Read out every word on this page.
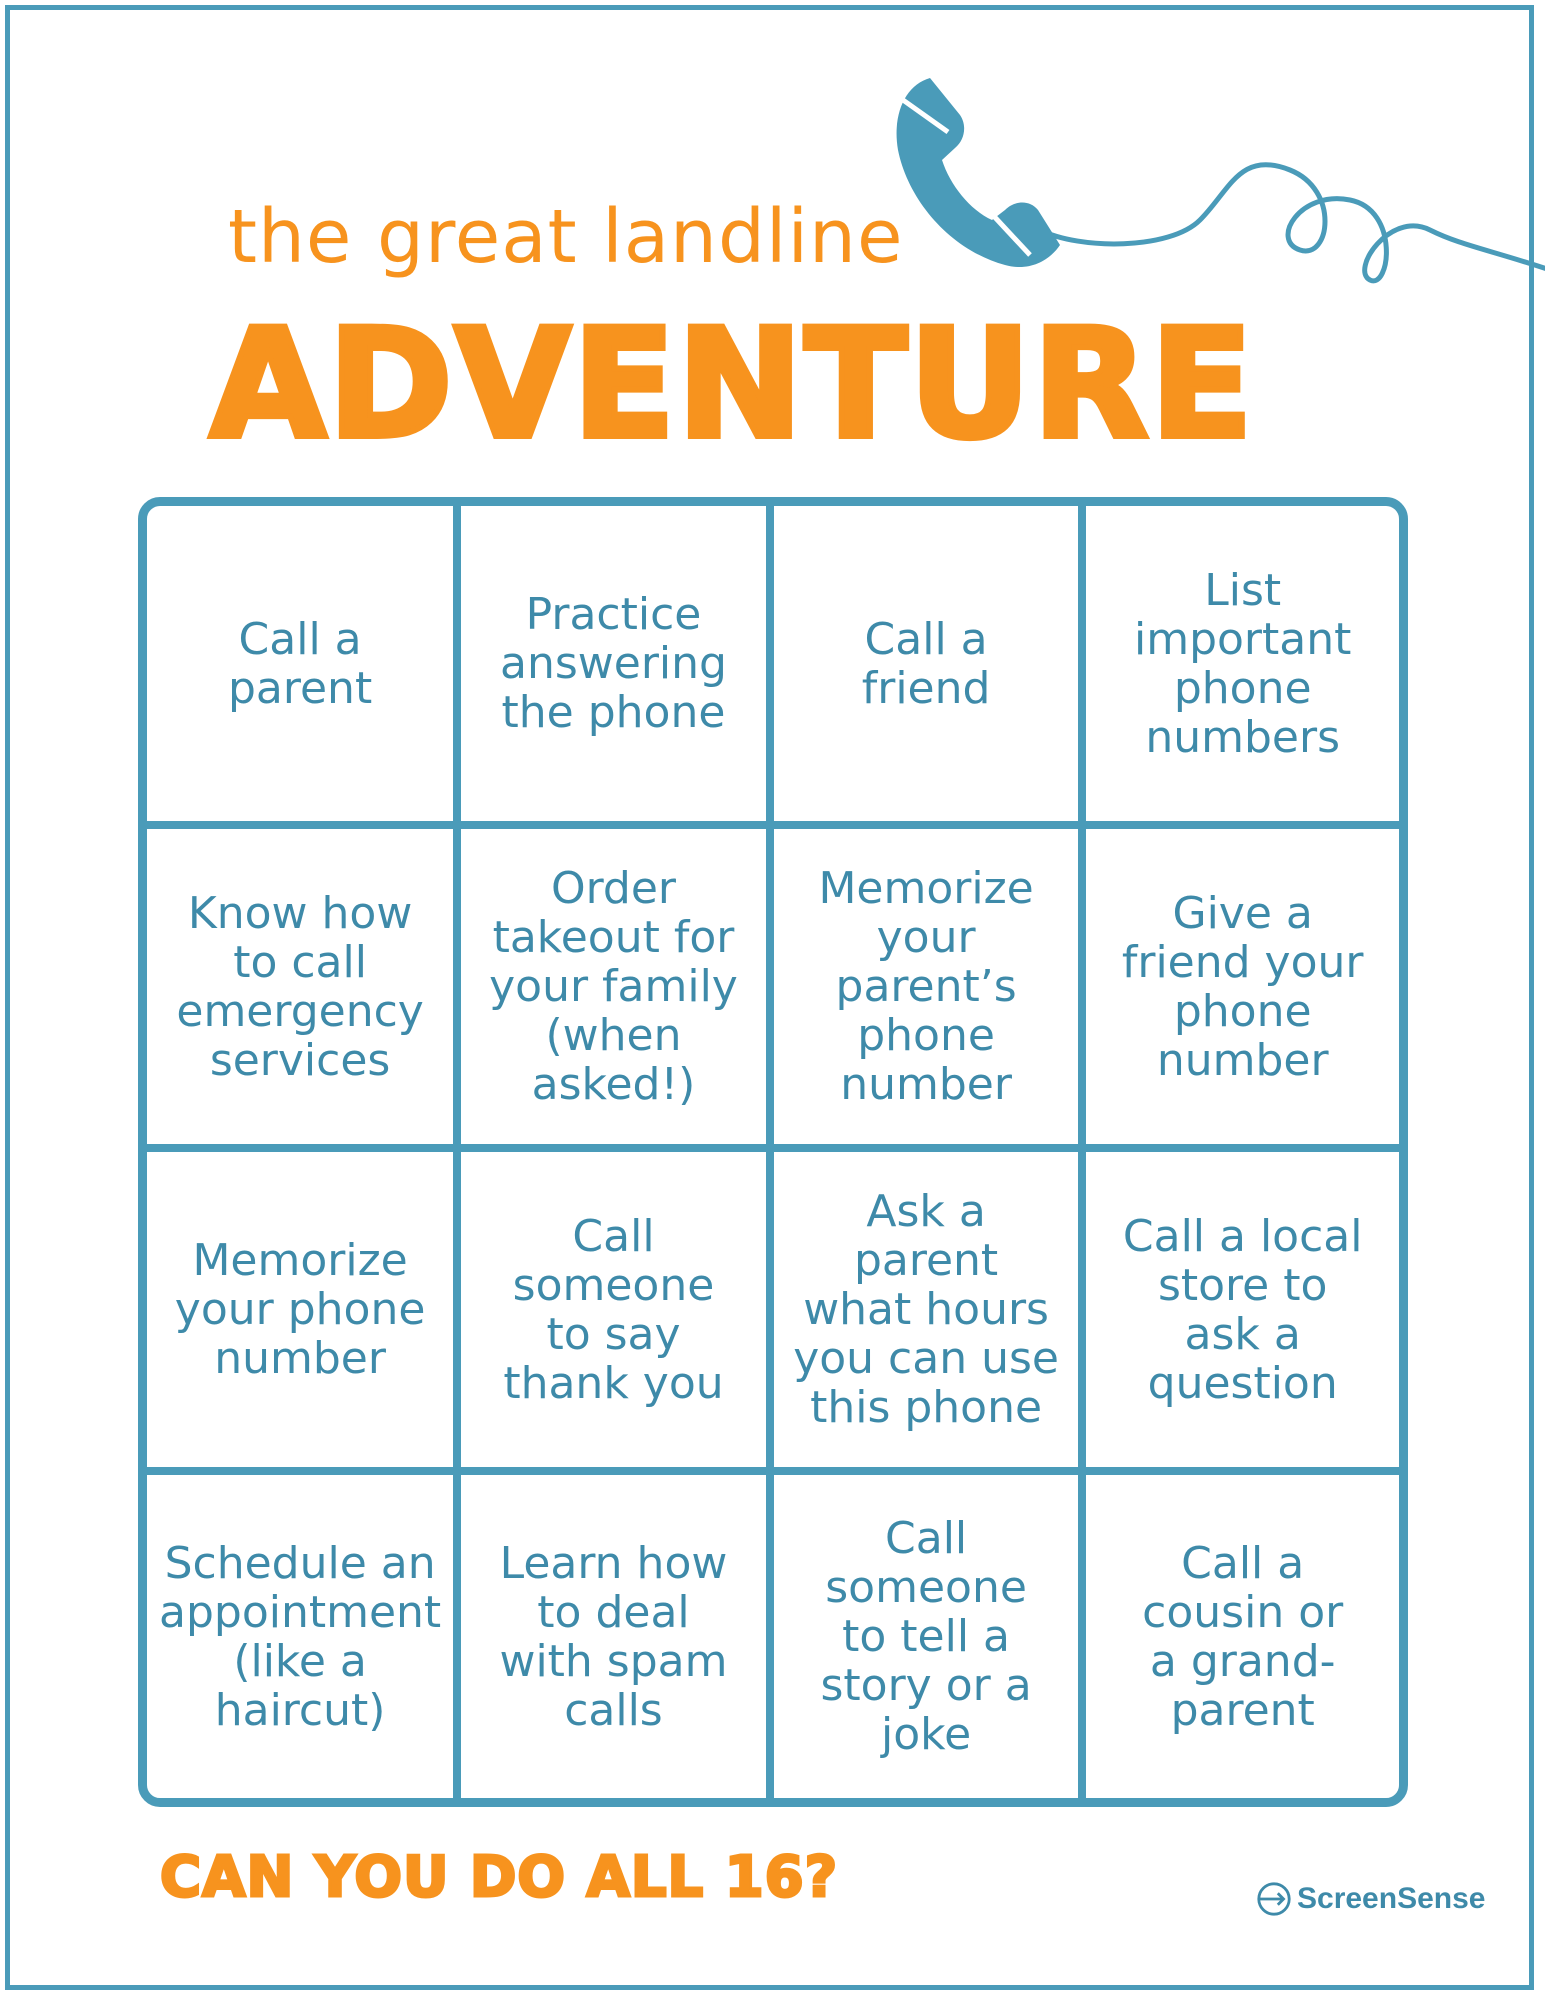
the great landline
ADVENTURE
Call a
parent
Practice
answering
the phone
Call a
friend
List
important
phone
numbers
Know how
to call
emergency
services
Order
takeout for
your family
(when
asked!)
Memorize
your
parent’s
phone
number
Give a
friend your
phone
number
Memorize
your phone
number
Call
someone
to say
thank you
Ask a
parent
what hours
you can use
this phone
Call a local
store to
ask a
question
Schedule an
appointment
(like a
haircut)
Learn how
to deal
with spam
calls
Call
someone
to tell a
story or a
joke
Call a
cousin or
a grand-
parent
CAN YOU DO ALL 16?	ScreenSense
